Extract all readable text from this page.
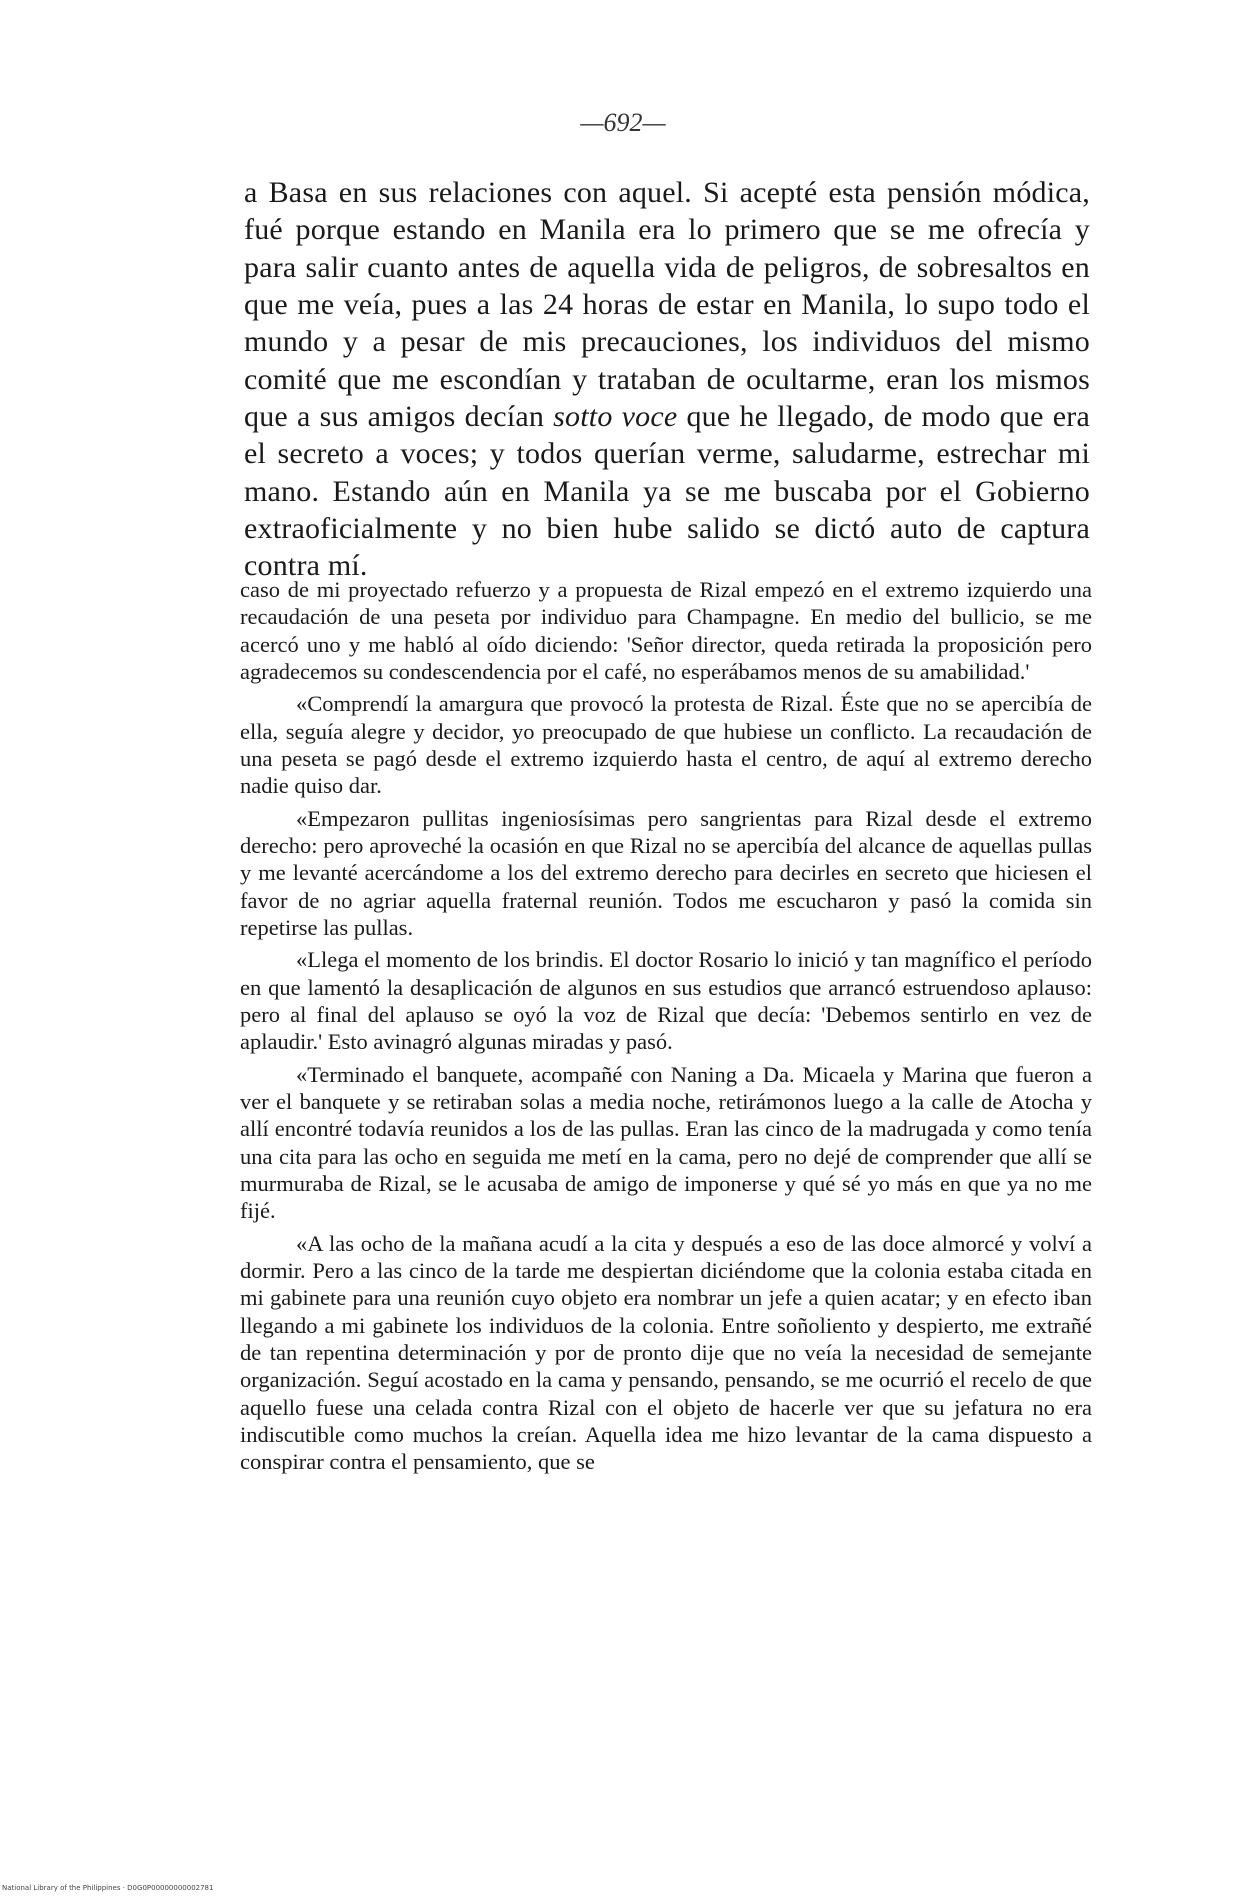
—692—

a Basa en sus relaciones con aquel. Si acepté esta pensión módica, fué porque estando en Manila era lo primero que se me ofrecía y para salir cuanto antes de aquella vida de peligros, de sobresaltos en que me veía, pues a las 24 horas de estar en Manila, lo supo todo el mundo y a pesar de mis precauciones, los individuos del mismo comité que me escondían y trataban de ocultarme, eran los mismos que a sus amigos decían sotto voce que he llegado, de modo que era el secreto a voces; y todos querían verme, saludarme, estrechar mi mano. Estando aún en Manila ya se me buscaba por el Gobierno extraoficialmente y no bien hube salido se dictó auto de captura contra mí.

caso de mi proyectado refuerzo y a propuesta de Rizal empezó en el extremo izquierdo una recaudación de una peseta por individuo para Champagne. En medio del bullicio, se me acercó uno y me habló al oído diciendo: 'Señor director, queda retirada la proposición pero agradecemos su condescendencia por el café, no esperábamos menos de su amabilidad.'

«Comprendí la amargura que provocó la protesta de Rizal. Éste que no se apercibía de ella, seguía alegre y decidor, yo preocupado de que hubiese un conflicto. La recaudación de una peseta se pagó desde el extremo izquierdo hasta el centro, de aquí al extremo derecho nadie quiso dar.

«Empezaron pullitas ingeniosísimas pero sangrientas para Rizal desde el extremo derecho: pero aproveché la ocasión en que Rizal no se apercibía del alcance de aquellas pullas y me levanté acercándome a los del extremo derecho para decirles en secreto que hiciesen el favor de no agriar aquella fraternal reunión. Todos me escucharon y pasó la comida sin repetirse las pullas.

«Llega el momento de los brindis. El doctor Rosario lo inició y tan magnífico el período en que lamentó la desaplicación de algunos en sus estudios que arrancó estruendoso aplauso: pero al final del aplauso se oyó la voz de Rizal que decía: 'Debemos sentirlo en vez de aplaudir.' Esto avinagró algunas miradas y pasó.

«Terminado el banquete, acompañé con Naning a Da. Micaela y Marina que fueron a ver el banquete y se retiraban solas a media noche, retirámonos luego a la calle de Atocha y allí encontré todavía reunidos a los de las pullas. Eran las cinco de la madrugada y como tenía una cita para las ocho en seguida me metí en la cama, pero no dejé de comprender que allí se murmuraba de Rizal, se le acusaba de amigo de imponerse y qué sé yo más en que ya no me fijé.

«A las ocho de la mañana acudí a la cita y después a eso de las doce almorcé y volví a dormir. Pero a las cinco de la tarde me despiertan diciéndome que la colonia estaba citada en mi gabinete para una reunión cuyo objeto era nombrar un jefe a quien acatar; y en efecto iban llegando a mi gabinete los individuos de la colonia. Entre soñoliento y despierto, me extrañé de tan repentina determinación y por de pronto dije que no veía la necesidad de semejante organización. Seguí acostado en la cama y pensando, pensando, se me ocurrió el recelo de que aquello fuese una celada contra Rizal con el objeto de hacerle ver que su jefatura no era indiscutible como muchos la creían. Aquella idea me hizo levantar de la cama dispuesto a conspirar contra el pensamiento, que se

National Library of the Philippines · D0G0P00000000002781
